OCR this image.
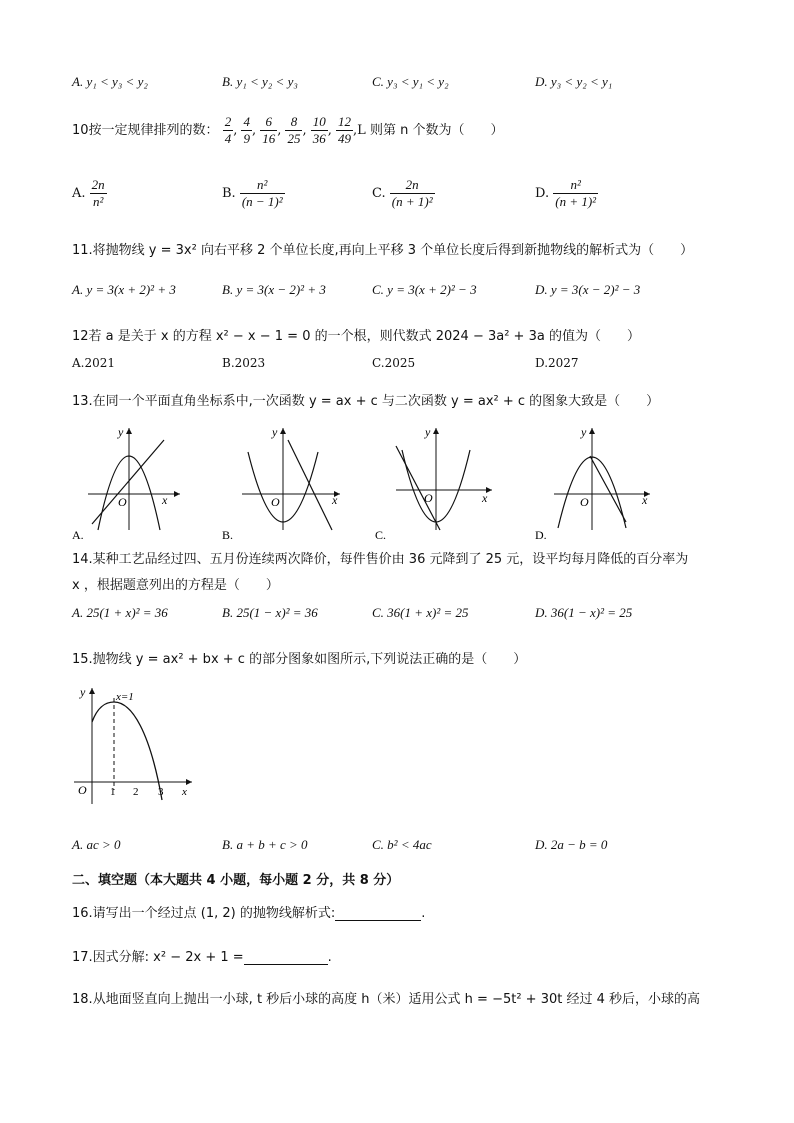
A. y₁ < y₃ < y₂	B. y₁ < y₂ < y₃	C. y₃ < y₁ < y₂	D. y₃ < y₂ < y₁
10按一定规律排列的数： $\frac{2}{4}$ , $\frac{4}{9}$ , $\frac{6}{16}$ , $\frac{8}{25}$ , $\frac{10}{36}$ , $\frac{12}{49} ,L$ 则第 n 个数为（　　）
A. $\frac{2n}{\text{n²}}$	B. $\frac{\text{n²}}{\text{(n − 1)²}}$	C. $\frac{2n}{\text{(n + 1)²}}$	D. $\frac{\text{n²}}{\text{(n + 1)²}}$
11.将抛物线 y = 3x² 向右平移 2 个单位长度,再向上平移 3 个单位长度后得到新抛物线的解析式为（　　）
A. y = 3(x + 2)² + 3	B. y = 3(x − 2)² + 3	C. y = 3(x + 2)² − 3	D. y = 3(x − 2)² − 3
12若 a 是关于 x 的方程 x² − x − 1 = 0 的一个根，则代数式 2024 − 3a² + 3a 的值为（　　）
A.2021	B.2023	C.2025	D.2027
13.在同一个平面直角坐标系中,一次函数 y = ax + c 与二次函数 y = ax² + c 的图象大致是（　　）
y
x
O
A.
y
x
O
B.
y
x
O
C.
y
x
O
D.
14.某种工艺品经过四、五月份连续两次降价，每件售价由 36 元降到了 25 元，设平均每月降低的百分率为
x ，根据题意列出的方程是（　　）
A. 25(1 + x)² = 36	B. 25(1 − x)² = 36	C. 36(1 + x)² = 25	D. 36(1 − x)² = 25
15.抛物线 y = ax² + bx + c 的部分图象如图所示,下列说法正确的是（　　）
y
x
O
x=1
1 2 3
A. ac > 0	B. a + b + c > 0	C. b² < 4ac	D. 2a − b = 0
二、填空题（本大题共 4 小题，每小题 2 分，共 8 分）
16.请写出一个经过点 (1, 2) 的抛物线解析式:	.
17.因式分解: x² − 2x + 1 =	.
18.从地面竖直向上抛出一小球, t 秒后小球的高度 h（米）适用公式 h = −5t² + 30t 经过 4 秒后，小球的高
